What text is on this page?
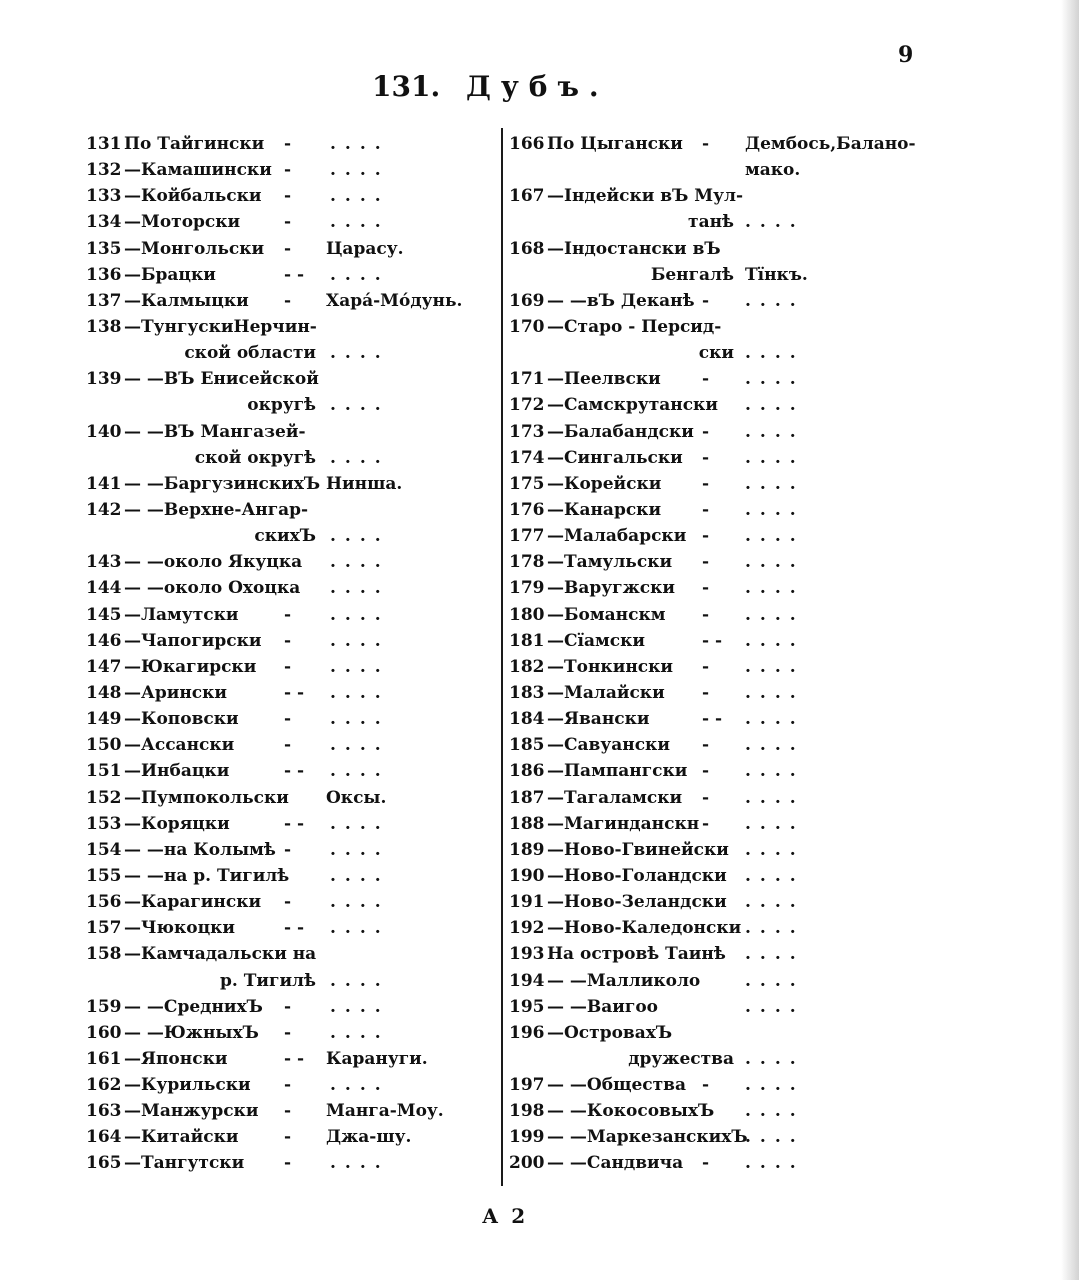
9
131. Дубъ.
131 По Тайгински - ....
132 —Камашински - ....
133 —Койбальски - ....
134 —Моторски	- ....
135 —Монгольски - Царасу.
136 —Брацки	- - ....
137 —Калмыцки - Хара́-Мо́дунь.
138 —ТунгускиНерчин-
ской области ....
139 — —ВЪ Енисейской
округѣ ....
140 — —ВЪ Мангазей-
ской округѣ ....
141 — —БаргузинскихЪ Нинша.
142 — —Верхне-Ангар-
скихЪ ....
143 — —около Якуцка ....
144 — —около Охоцка ....
145 —Ламутски	- ....
146 —Чапогирски - ....
147 —Юкагирски - ....
148 —Арински	- - ....
149 —Коповски	- ....
150 —Ассански	- ....
151 —Инбацки	- - ....
152 —Пумпокольски Оксы.
153 —Коряцки	- - ....
154 — —на Колымѣ - ....
155 — —на р. Тигилѣ ....
156 —Карагински - ....
157 —Чюкоцки	- - ....
158 —Камчадальски на
р. Тигилѣ ....
159 — —СреднихЪ - ....
160 — —ЮжныхЪ - ....
161 —Японски	- - Карануги.
162 —Курильски - ....
163 —Манжурски - Манга-Моу.
164 —Китайски	- Джа-шу.
165 —Тангутски - ....
166 По Цыгански - Дембось,Балано-
мако.
167 —Індейски вЪ Мул-
танѣ ....
168 —Індостански вЪ
Бенгалѣ Тïнкъ.
169 — —вЪ Деканѣ - ....
170 —Старо - Персид-
ски ....
171 —Пеелвски - ....
172 —Самскрутански ....
173 —Балабандски - ....
174 —Сингальски - ....
175 —Корейски - ....
176 —Канарски - ....
177 —Малабарски - ....
178 —Тамульски - ....
179 —Варугжски - ....
180 —Боманскм - ....
181 —Сïамски	- - ....
182 —Тонкински - ....
183 —Малайски - ....
184 —Явански	- - ....
185 —Савуански - ....
186 —Пампангски - ....
187 —Тагаламски - ....
188 —Магинданскн - ....
189 —Ново-Гвинейски ....
190 —Ново-Голандски ....
191 —Ново-Зеландски ....
192 —Ново-Каледонски ....
193 На островѣ Таинѣ ....
194 — —Малликоло	....
195 — —Ваигоо	....
196 —ОстровахЪ
дружества ....
197 — —Общества - ....
198 — —КокосовыхЪ ....
199 — —МаркезанскихЪ
....
200 — —Сандвича - ....
А 2
